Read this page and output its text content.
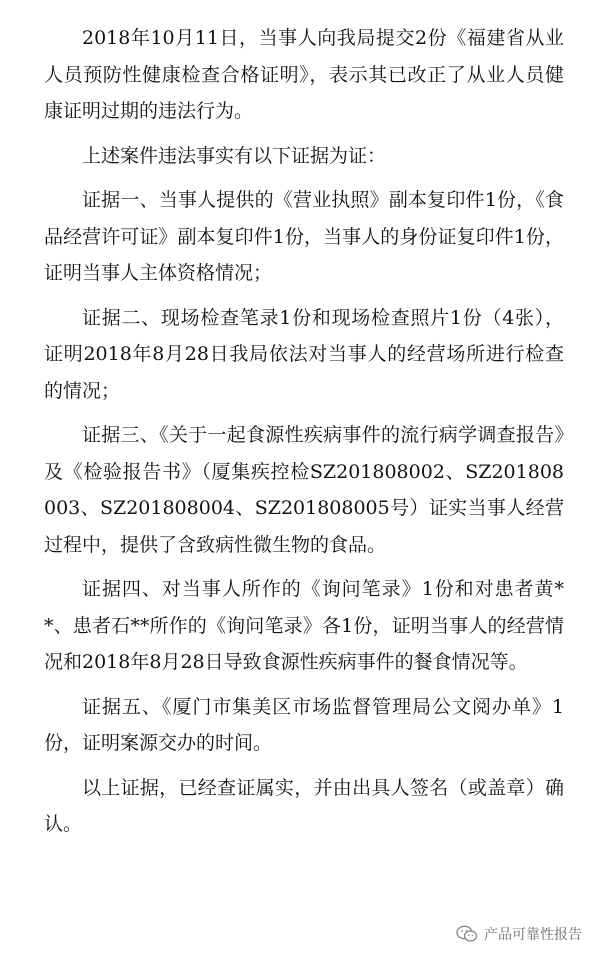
2018年10月11日，当事人向我局提交2份《福建省从业人员预防性健康检查合格证明》，表示其已改正了从业人员健康证明过期的违法行为。

上述案件违法事实有以下证据为证：

证据一、当事人提供的《营业执照》副本复印件1份，《食品经营许可证》副本复印件1份，当事人的身份证复印件1份，证明当事人主体资格情况；

证据二、现场检查笔录1份和现场检查照片1份（4张），证明2018年8月28日我局依法对当事人的经营场所进行检查的情况；

证据三、《关于一起食源性疾病事件的流行病学调查报告》及《检验报告书》（厦集疾控检SZ201808002、SZ201808003、SZ201808004、SZ201808005号）证实当事人经营过程中，提供了含致病性微生物的食品。

证据四、对当事人所作的《询问笔录》1份和对患者黄**、患者石**所作的《询问笔录》各1份，证明当事人的经营情况和2018年8月28日导致食源性疾病事件的餐食情况等。

证据五、《厦门市集美区市场监督管理局公文阅办单》1份，证明案源交办的时间。

以上证据，已经查证属实，并由出具人签名（或盖章）确认。

产品可靠性报告
